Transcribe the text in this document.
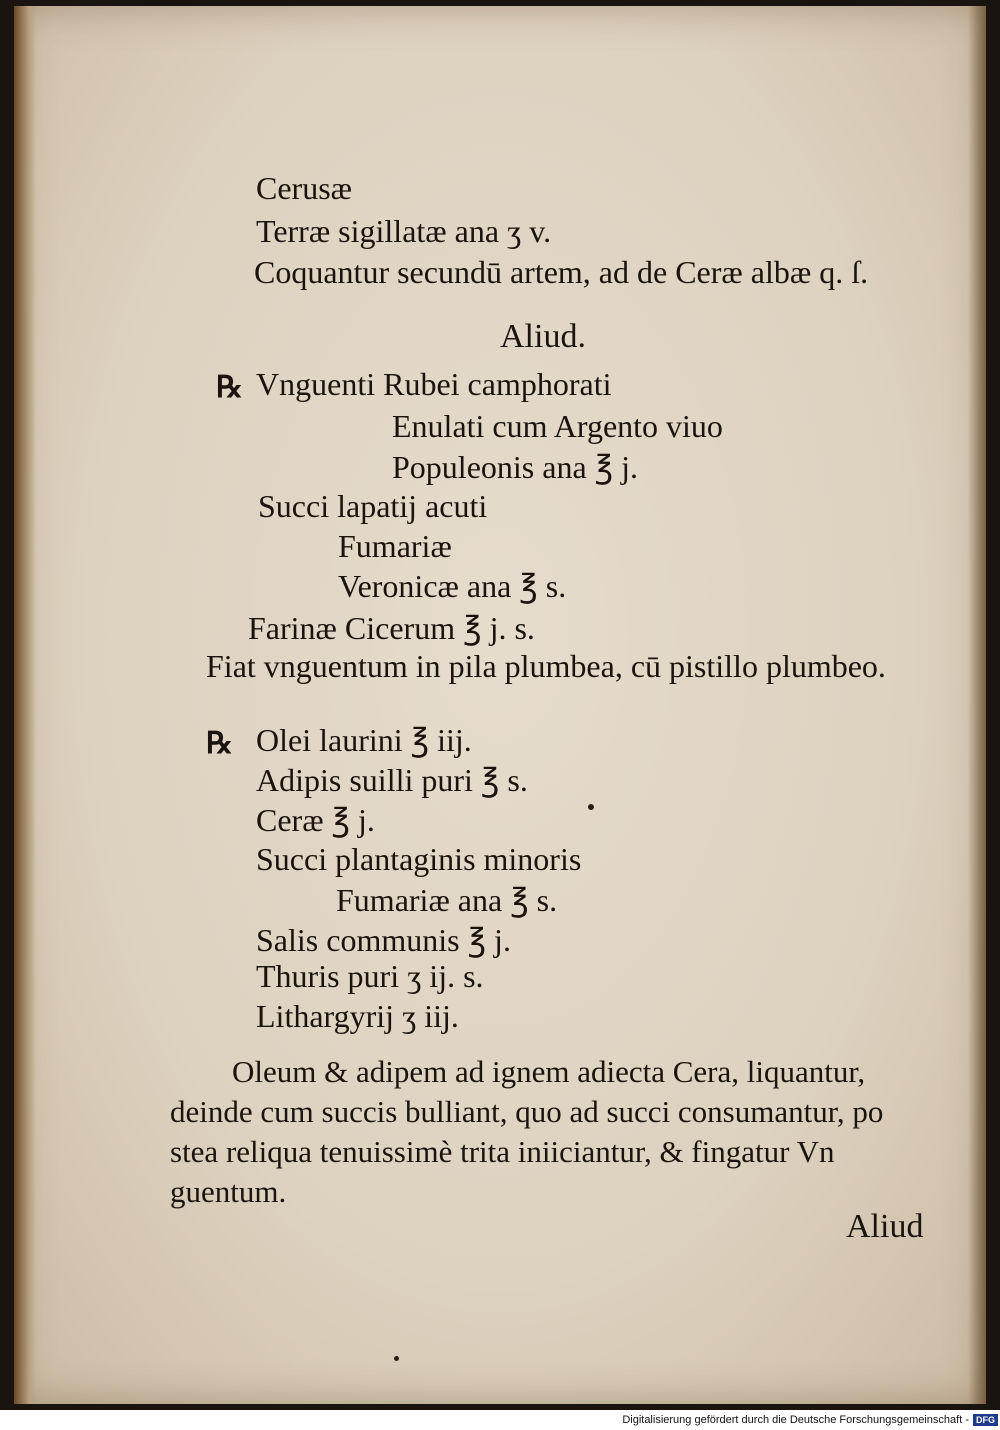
Cerusæ
Terræ sigillatæ ana ʒ v.
Coquantur secundū artem, ad de Ceræ albæ q. ſ.
Aliud.
℞ Vnguenti Rubei camphorati
Enulati cum Argento viuo
Populeonis ana ℥ j.
Succi lapatij acuti
Fumariæ
Veronicæ ana ℥ s.
Farinæ Cicerum ℥ j. s.
Fiat vnguentum in pila plumbea, cū pistillo plumbeo.
℞ Olei laurini ℥ iij.
Adipis suilli puri ℥ s.
Ceræ ℥ j.
Succi plantaginis minoris
Fumariæ ana ℥ s.
Salis communis ℥ j.
Thuris puri ʒ ij. s.
Lithargyrij ʒ iij.
Oleum & adipem ad ignem adiecta Cera, liquantur,
deinde cum succis bulliant, quo ad succi consumantur, po
stea reliqua tenuissimè trita iniiciantur, & fingatur Vn
guentum.
Aliud
Digitalisierung gefördert durch die Deutsche Forschungsgemeinschaft - DFG
